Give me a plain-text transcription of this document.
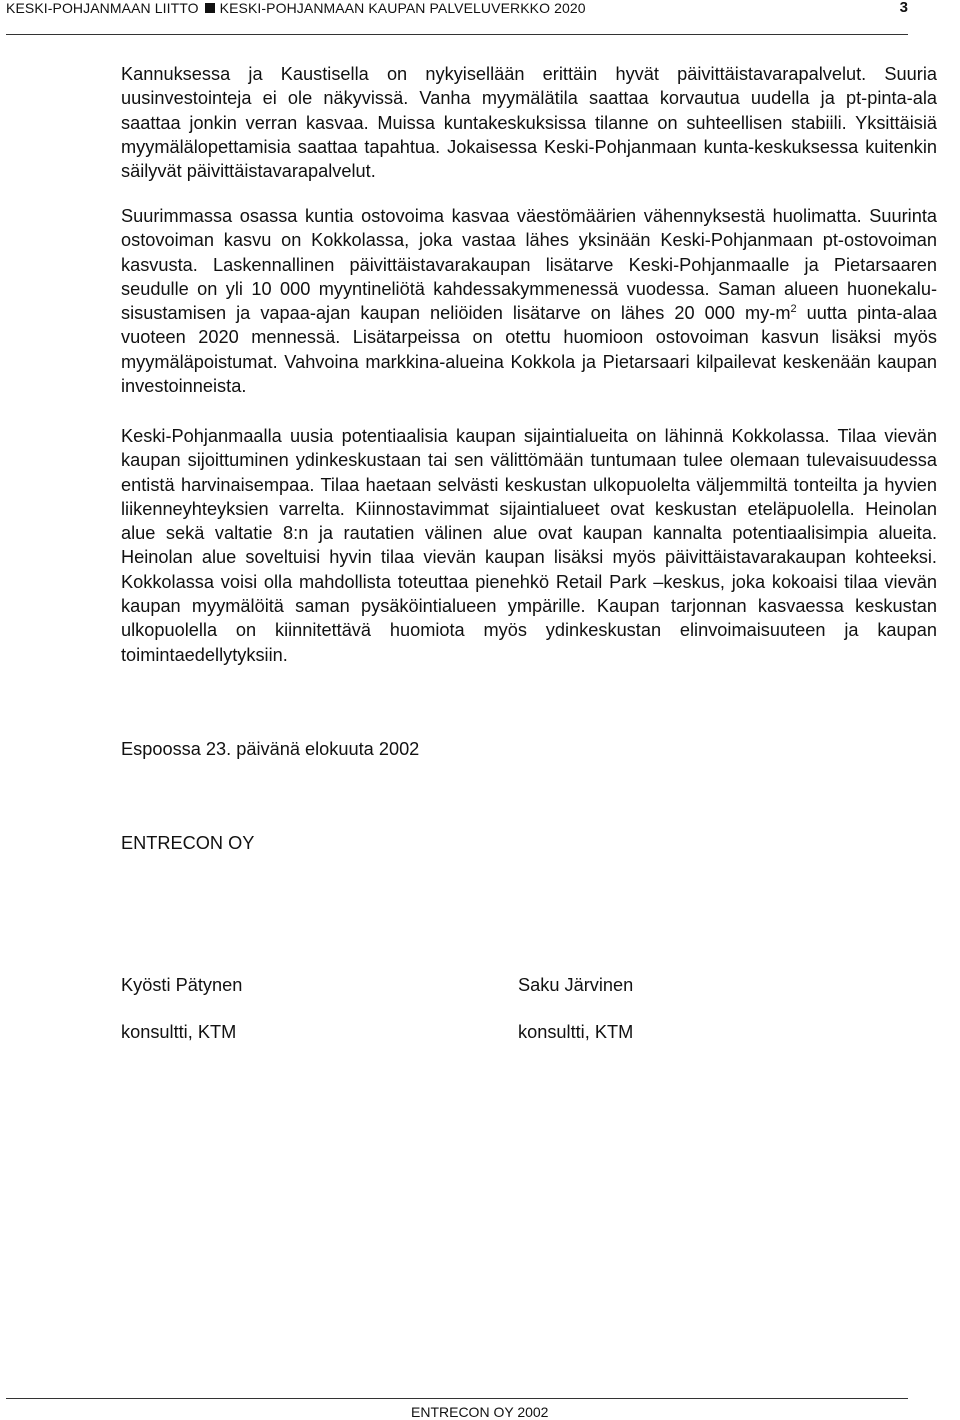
KESKI-POHJANMAAN LIITTO KESKI-POHJANMAAN KAUPAN PALVELUVERKKO 2020	3

Kannuksessa ja Kaustisella on nykyisellään erittäin hyvät päivittäistavarapalvelut. Suuria uusinvestointeja ei ole näkyvissä. Vanha myymälätila saattaa korvautua uudella ja pt-pinta-ala saattaa jonkin verran kasvaa. Muissa kuntakeskuksissa tilanne on suhteellisen stabiili. Yksittäisiä myymälälopettamisia saattaa tapahtua. Jokaisessa Keski-Pohjanmaan kunta-keskuksessa kuitenkin säilyvät päivittäistavarapalvelut.

Suurimmassa osassa kuntia ostovoima kasvaa väestömäärien vähennyksestä huolimatta. Suurinta ostovoiman kasvu on Kokkolassa, joka vastaa lähes yksinään Keski-Pohjanmaan pt-ostovoiman kasvusta. Laskennallinen päivittäistavarakaupan lisätarve Keski-Pohjanmaalle ja Pietarsaaren seudulle on yli 10 000 myyntineliötä kahdessakymmenessä vuodessa. Saman alueen huonekalu-sisustamisen ja vapaa-ajan kaupan neliöiden lisätarve on lähes 20 000 $my-m^2$ uutta pinta-alaa vuoteen 2020 mennessä. Lisätarpeissa on otettu huomioon ostovoiman kasvun lisäksi myös myymäläpoistumat. Vahvoina markkina-alueina Kokkola ja Pietarsaari kilpailevat keskenään kaupan investoinneista.

Keski-Pohjanmaalla uusia potentiaalisia kaupan sijaintialueita on lähinnä Kokkolassa. Tilaa vievän kaupan sijoittuminen ydinkeskustaan tai sen välittömään tuntumaan tulee olemaan tulevaisuudessa entistä harvinaisempaa. Tilaa haetaan selvästi keskustan ulkopuolelta väljemmiltä tonteilta ja hyvien liikenneyhteyksien varrelta. Kiinnostavimmat sijaintialueet ovat keskustan eteläpuolella. Heinolan alue sekä valtatie 8:n ja rautatien välinen alue ovat kaupan kannalta potentiaalisimpia alueita. Heinolan alue soveltuisi hyvin tilaa vievän kaupan lisäksi myös päivittäistavarakaupan kohteeksi. Kokkolassa voisi olla mahdollista toteuttaa pienehkö Retail Park –keskus, joka kokoaisi tilaa vievän kaupan myymälöitä saman pysäköintialueen ympärille. Kaupan tarjonnan kasvaessa keskustan ulkopuolella on kiinnitettävä huomiota myös ydinkeskustan elinvoimaisuuteen ja kaupan toimintaedellytyksiin.

Espoossa 23. päivänä elokuuta 2002
ENTRECON OY
Kyösti Pätynen
konsultti, KTM
Saku Järvinen
konsultti, KTM
ENTRECON OY 2002
